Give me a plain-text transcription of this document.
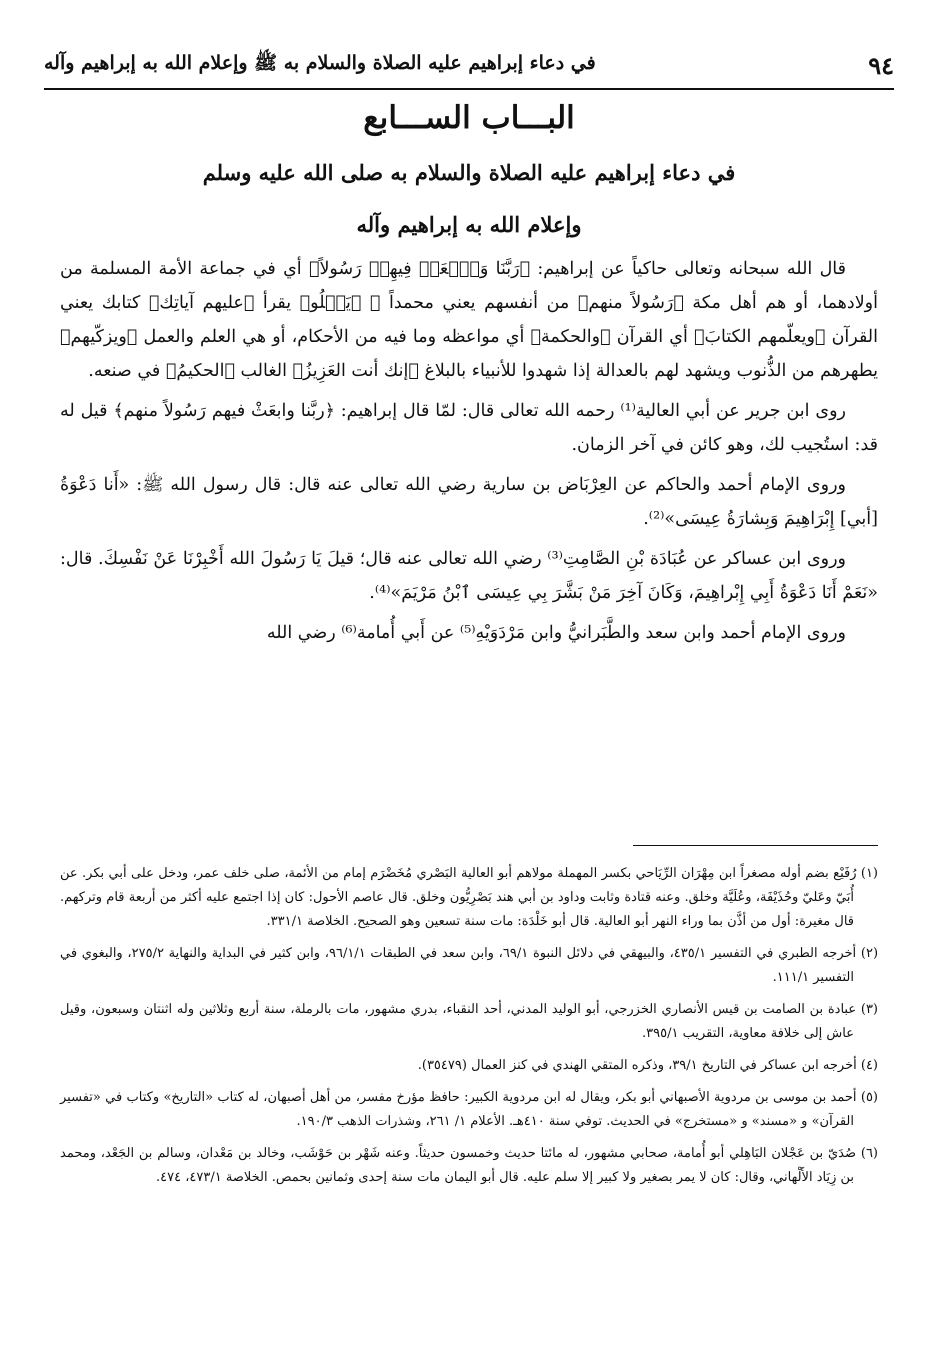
٩٤
في دعاء إبراهيم عليه الصلاة والسلام به ﷺ وإعلام الله به إبراهيم وآله
البـــاب الســـابع
في دعاء إبراهيم عليه الصلاة والسلام به صلى الله عليه وسلم
وإعلام الله به إبراهيم وآله

قال الله سبحانه وتعالى حاكياً عن إبراهيم: ﴿رَبَّنَا وَٱبۡعَثۡ فِيهِمۡ رَسُولاً﴾ أي في جماعة الأمة المسلمة من أولادهما، أو هم أهل مكة ﴿رَسُولاً منهم﴾ من أنفسهم يعني محمداً ﷺ ﴿يَتۡلُو﴾ يقرأ ﴿عليهم آياتِك﴾ كتابك يعني القرآن ﴿ويعلّمهم الكتابَ﴾ أي القرآن ﴿والحكمة﴾ أي مواعظه وما فيه من الأحكام، أو هي العلم والعمل ﴿ويزكّيهم﴾ يطهرهم من الذُّنوب ويشهد لهم بالعدالة إذا شهدوا للأنبياء بالبلاغ ﴿إنك أنت العَزِيزُ﴾ الغالب ﴿الحكيمُ﴾ في صنعه.

روى ابن جرير عن أبي العالية⁽¹⁾ رحمه الله تعالى قال: لمّا قال إبراهيم: ﴿ربَّنا وابعَثْ فيهم رَسُولاً منهم﴾ قيل له قد: استُجيب لك، وهو كائن في آخر الزمان.

وروى الإمام أحمد والحاكم عن العِرْبَاض بن سارية رضي الله تعالى عنه قال: قال رسول الله ﷺ: «أَنا دَعْوَةُ [أبي] إِبْرَاهِيمَ وَبِشارَةُ عِيسَى»⁽²⁾.

وروى ابن عساكر عن عُبَادَة بْنِ الصَّامِتِ⁽³⁾ رضي الله تعالى عنه قال؛ قيلَ يَا رَسُولَ الله أَخْبِرْنَا عَنْ نَفْسِكَ. قال: «نَعَمْ أَنَا دَعْوَةُ أَبِي إِبْراهِيمَ، وَكَانَ آخِرَ مَنْ بَشَّرَ بِي عِيسَى ٱبْنُ مَرْيَمَ»⁽⁴⁾.

وروى الإمام أحمد وابن سعد والطَّبَرانيُّ وابن مَرْدَوَيْهِ⁽⁵⁾ عن أَبي أُمامة⁽⁶⁾ رضي الله

(١) رُفَيْع بضم أوله مصغراً ابن مِهْرَان الرِّيَاحي بكسر المهملة مولاهم أبو العالية البَصْري مُخَضْرَم إمام من الأئمة، صلى خلف عمر، ودخل على أبي بكر. عن أُبَيّ وعَليّ وحُذَيْفَة، وعُلَيَّة وخلق. وعنه قتادة وثابت وداود بن أبي هند بَصْرِيُّون وخلق. قال عاصم الأحول: كان إذا اجتمع عليه أكثر من أربعة قام وتركهم. قال مغيرة: أول من أذَّن بما وراء النهر أبو العالية. قال أبو خَلْدَة: مات سنة تسعين وهو الصحيح. الخلاصة ٣٣١/١.

(٢) أخرجه الطبري في التفسير ٤٣٥/١، والبيهقي في دلائل النبوة ٦٩/١، وابن سعد في الطبقات ٩٦/١/١، وابن كثير في البداية والنهاية ٢٧٥/٢، والبغوي في التفسير ١١١/١.

(٣) عبادة بن الصامت بن قيس الأنصاري الخزرجي، أبو الوليد المدني، أحد النقباء، بدري مشهور، مات بالرملة، سنة أربع وثلاثين وله اثنتان وسبعون، وقيل عاش إلى خلافة معاوية، التقريب ٣٩٥/١.

(٤) أخرجه ابن عساكر في التاريخ ٣٩/١، وذكره المتقي الهندي في كنز العمال (٣٥٤٧٩).

(٥) أحمد بن موسى بن مردوية الأصبهاني أبو بكر، ويقال له ابن مردوية الكبير: حافظ مؤرخ مفسر، من أهل أصبهان، له كتاب «التاريخ» وكتاب في «تفسير القرآن» و «مسند» و «مستخرج» في الحديث. توفي سنة ٤١٠هـ. الأعلام ١/ ٢٦١، وشذرات الذهب ١٩٠/٣.

(٦) صُدَيّ بن عَجْلان البَاهِلي أبو أُمامة، صحابي مشهور، له مائتا حديث وخمسون حديثاً. وعنه شَهْر بن حَوْشَب، وخالد بن مَعْدان، وسالم بن الجَعْد، ومحمد بن زِيَاد الأَلْهاني، وقال: كان لا يمر بصغير ولا كبير إلا سلم عليه. قال أبو اليمان مات سنة إحدى وثمانين بحمص. الخلاصة ٤٧٣/١، ٤٧٤.
